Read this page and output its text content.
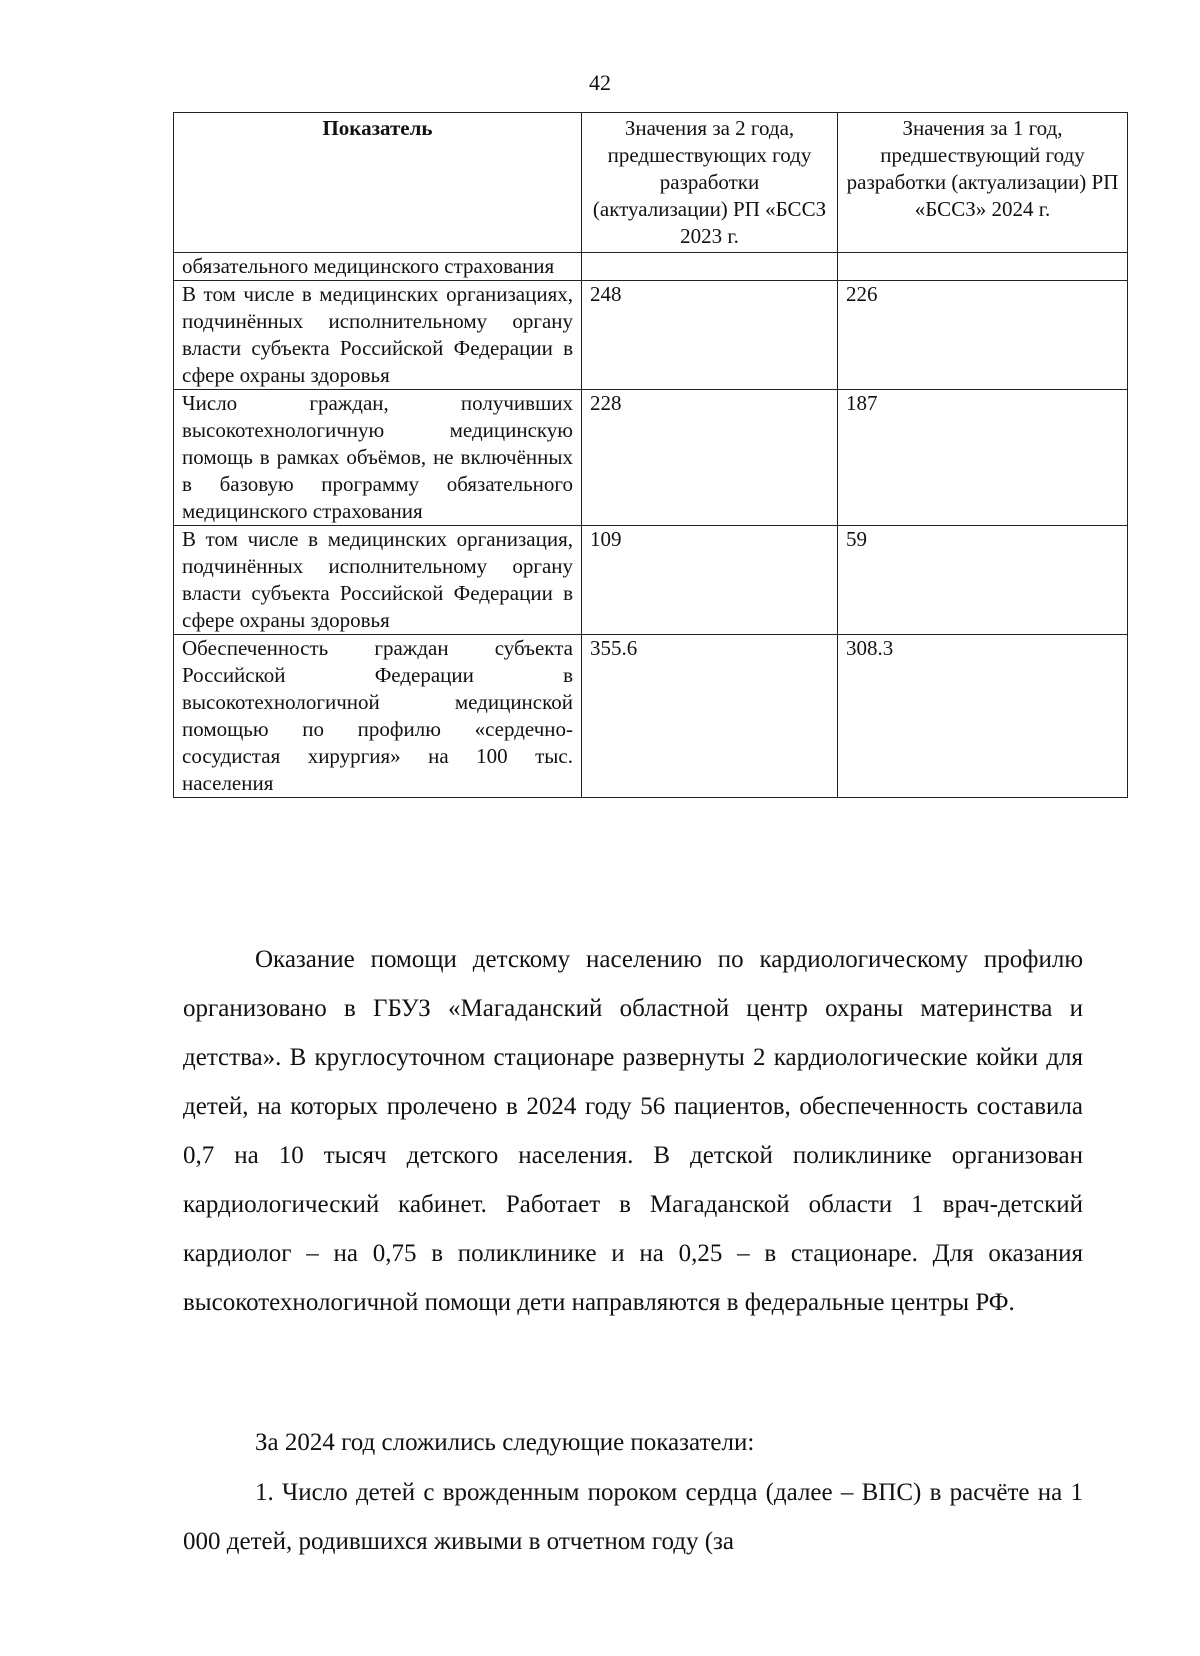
42
Показатель	Значения за 2 года, предшествующих году разработки (актуализации) РП «БССЗ 2023 г.	Значения за 1 год, предшествующий году разработки (актуализации) РП «БССЗ» 2024 г.
обязательного медицинского страхования		
В том числе в медицинских организациях, подчинённых исполнительному органу власти субъекта Российской Федерации в сфере охраны здоровья	248	226
Число граждан, получивших высокотехнологичную медицинскую помощь в рамках объёмов, не включённых в базовую программу обязательного медицинского страхования	228	187
В том числе в медицинских организация, подчинённых исполнительному органу власти субъекта Российской Федерации в сфере охраны здоровья	109	59
Обеспеченность граждан субъекта Российской Федерации в высокотехнологичной медицинской помощью по профилю «сердечно-сосудистая хирургия» на 100 тыс. населения	355.6	308.3

Оказание помощи детскому населению по кардиологическому профилю организовано в ГБУЗ «Магаданский областной центр охраны материнства и детства». В круглосуточном стационаре развернуты 2 кардиологические койки для детей, на которых пролечено в 2024 году 56 пациентов, обеспеченность составила 0,7 на 10 тысяч детского населения. В детской поликлинике организован кардиологический кабинет. Работает в Магаданской области 1 врач-детский кардиолог – на 0,75 в поликлинике и на 0,25 – в стационаре. Для оказания высокотехнологичной помощи дети направляются в федеральные центры РФ.

За 2024 год сложились следующие показатели:

1. Число детей с врожденным пороком сердца (далее – ВПС) в расчёте на 1 000 детей, родившихся живыми в отчетном году (за
